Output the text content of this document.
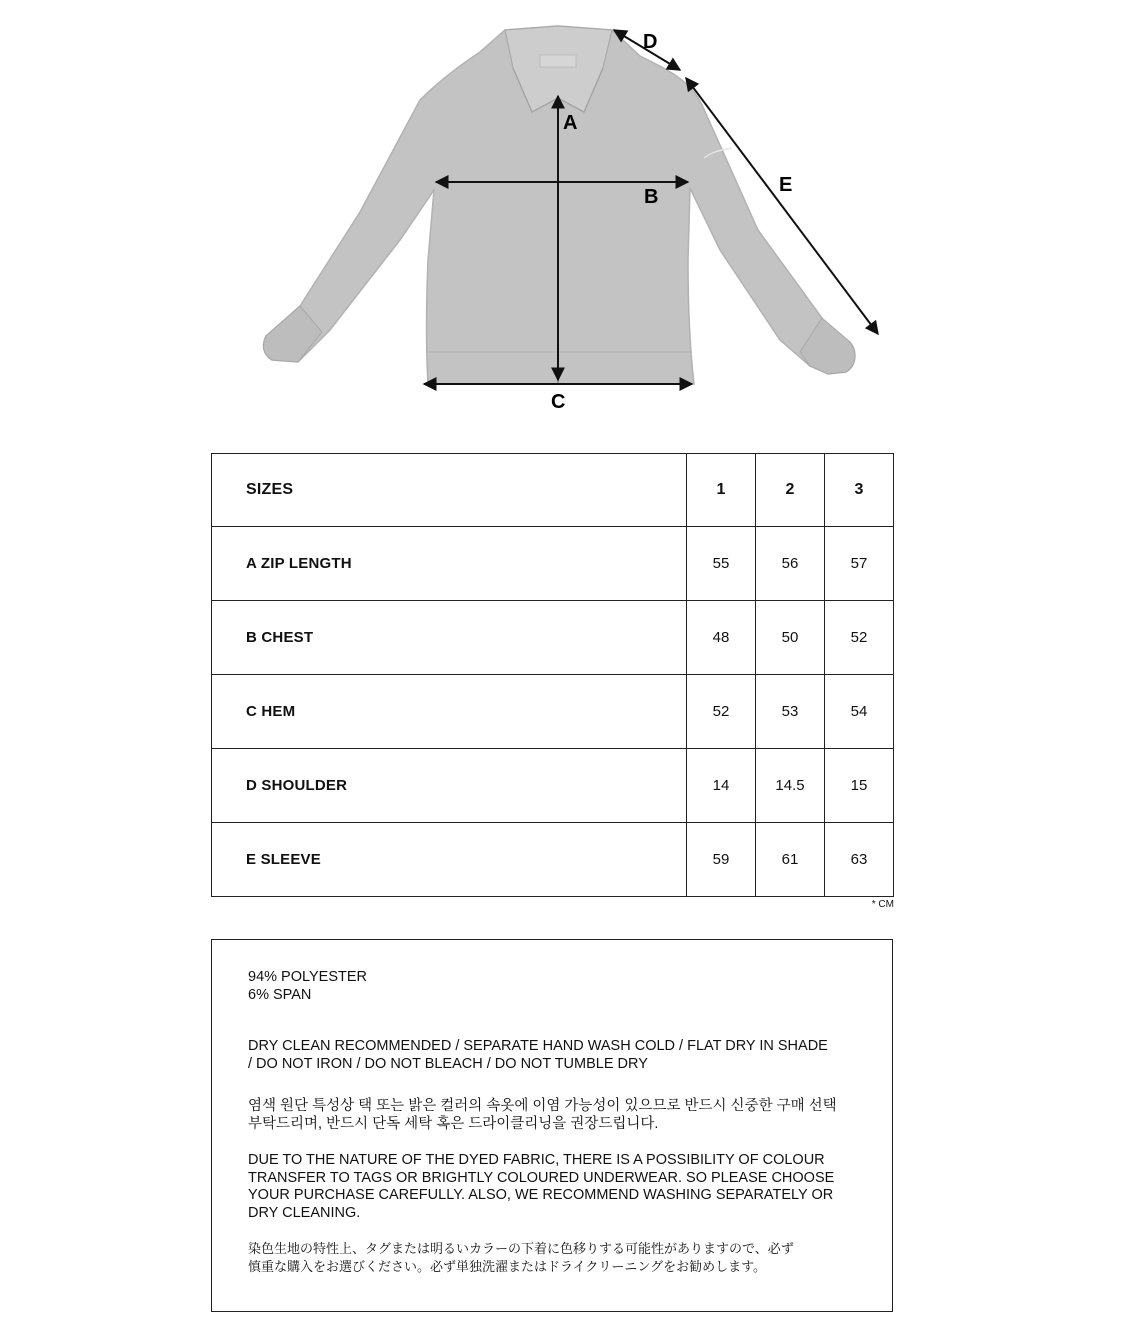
A
B
C
D
E
SIZES	1	2	3
A ZIP LENGTH	55	56	57
B CHEST	48	50	52
C HEM	52	53	54
D SHOULDER	14	14.5	15
E SLEEVE	59	61	63
* CM

94% POLYESTER

6% SPAN

DRY CLEAN RECOMMENDED / SEPARATE HAND WASH COLD / FLAT DRY IN SHADE
/ DO NOT IRON / DO NOT BLEACH / DO NOT TUMBLE DRY

염색 원단 특성상 택 또는 밝은 컬러의 속옷에 이염 가능성이 있으므로 반드시 신중한 구매 선택
부탁드리며, 반드시 단독 세탁 혹은 드라이클리닝을 권장드립니다.

DUE TO THE NATURE OF THE DYED FABRIC, THERE IS A POSSIBILITY OF COLOUR
TRANSFER TO TAGS OR BRIGHTLY COLOURED UNDERWEAR. SO PLEASE CHOOSE
YOUR PURCHASE CAREFULLY. ALSO, WE RECOMMEND WASHING SEPARATELY OR
DRY CLEANING.

染色生地の特性上、タグまたは明るいカラーの下着に色移りする可能性がありますので、必ず
慎重な購入をお選びください。必ず単独洗濯またはドライクリーニングをお勧めします。
